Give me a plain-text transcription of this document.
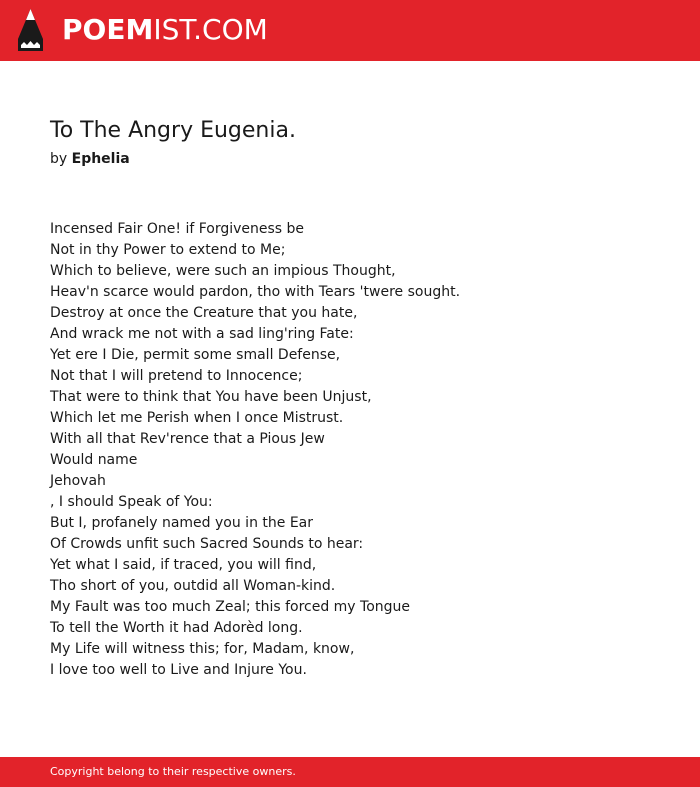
POEMIST.COM
To The Angry Eugenia.
by Ephelia
Incensed Fair One! if Forgiveness be
Not in thy Power to extend to Me;
Which to believe, were such an impious Thought,
Heav'n scarce would pardon, tho with Tears 'twere sought.
Destroy at once the Creature that you hate,
And wrack me not with a sad ling'ring Fate:
Yet ere I Die, permit some small Defense,
Not that I will pretend to Innocence;
That were to think that You have been Unjust,
Which let me Perish when I once Mistrust.
With all that Rev'rence that a Pious Jew
Would name
Jehovah
, I should Speak of You:
But I, profanely named you in the Ear
Of Crowds unfit such Sacred Sounds to hear:
Yet what I said, if traced, you will find,
Tho short of you, outdid all Woman-kind.
My Fault was too much Zeal; this forced my Tongue
To tell the Worth it had Adorèd long.
My Life will witness this; for, Madam, know,
I love too well to Live and Injure You.
Copyright belong to their respective owners.
